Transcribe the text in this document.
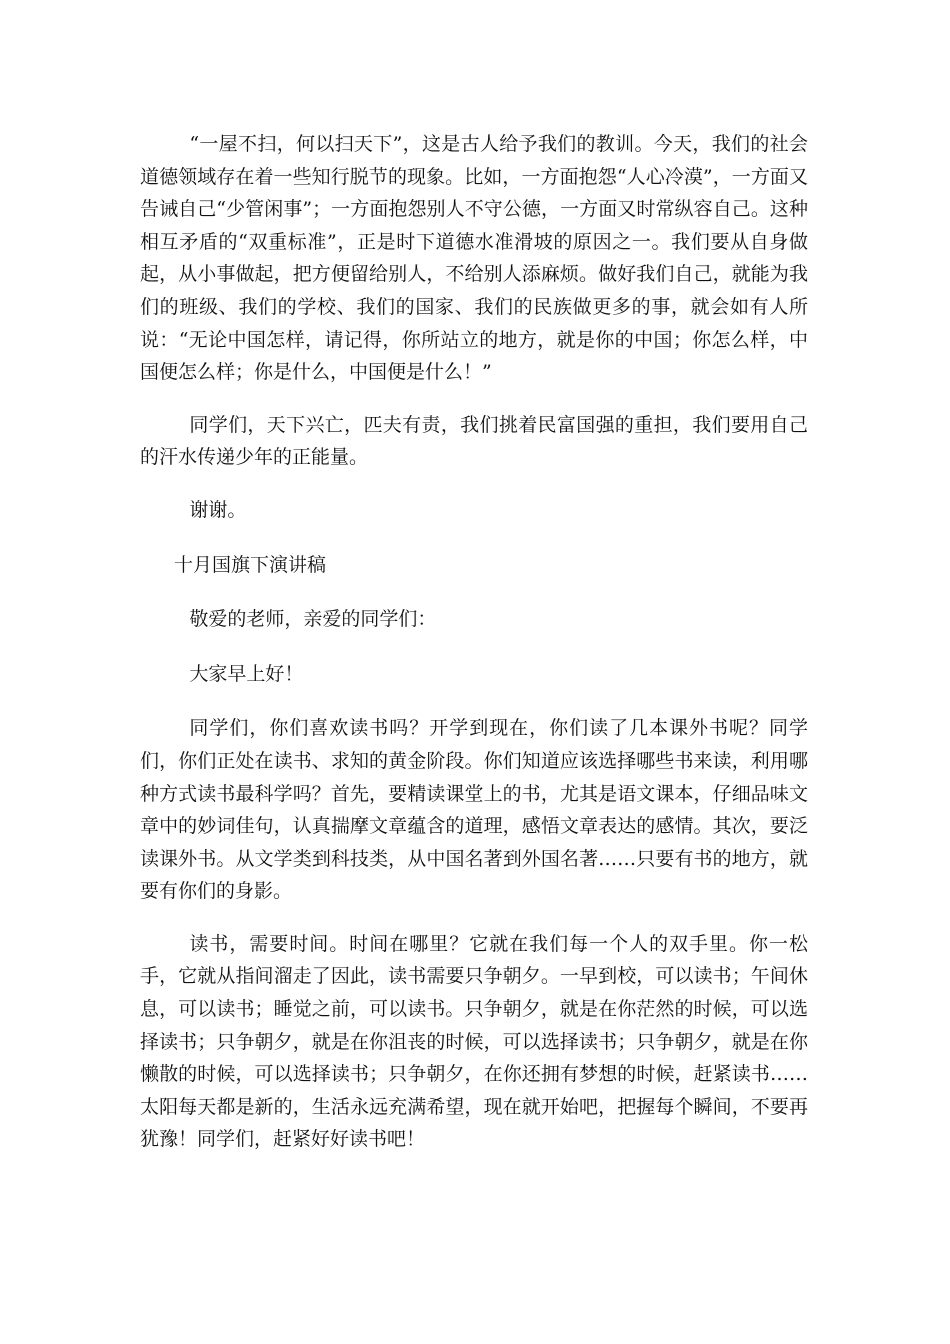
“一屋不扫，何以扫天下”，这是古人给予我们的教训。今天，我们的社会道德领域存在着一些知行脱节的现象。比如，一方面抱怨“人心冷漠”，一方面又告诫自己“少管闲事”；一方面抱怨别人不守公德，一方面又时常纵容自己。这种相互矛盾的“双重标准”，正是时下道德水准滑坡的原因之一。我们要从自身做起，从小事做起，把方便留给别人，不给别人添麻烦。做好我们自己，就能为我们的班级、我们的学校、我们的国家、我们的民族做更多的事，就会如有人所说：“无论中国怎样，请记得，你所站立的地方，就是你的中国；你怎么样，中国便怎么样；你是什么，中国便是什么！”

同学们，天下兴亡，匹夫有责，我们挑着民富国强的重担，我们要用自己的汗水传递少年的正能量。

谢谢。

十月国旗下演讲稿

敬爱的老师，亲爱的同学们：

大家早上好！

同学们，你们喜欢读书吗？开学到现在，你们读了几本课外书呢？同学们，你们正处在读书、求知的黄金阶段。你们知道应该选择哪些书来读，利用哪种方式读书最科学吗？首先，要精读课堂上的书，尤其是语文课本，仔细品味文章中的妙词佳句，认真揣摩文章蕴含的道理，感悟文章表达的感情。其次，要泛读课外书。从文学类到科技类，从中国名著到外国名著……只要有书的地方，就要有你们的身影。

读书，需要时间。时间在哪里？它就在我们每一个人的双手里。你一松手，它就从指间溜走了因此，读书需要只争朝夕。一早到校，可以读书；午间休息，可以读书；睡觉之前，可以读书。只争朝夕，就是在你茫然的时候，可以选择读书；只争朝夕，就是在你沮丧的时候，可以选择读书；只争朝夕，就是在你懒散的时候，可以选择读书；只争朝夕，在你还拥有梦想的时候，赶紧读书……太阳每天都是新的，生活永远充满希望，现在就开始吧，把握每个瞬间，不要再犹豫！同学们，赶紧好好读书吧！
